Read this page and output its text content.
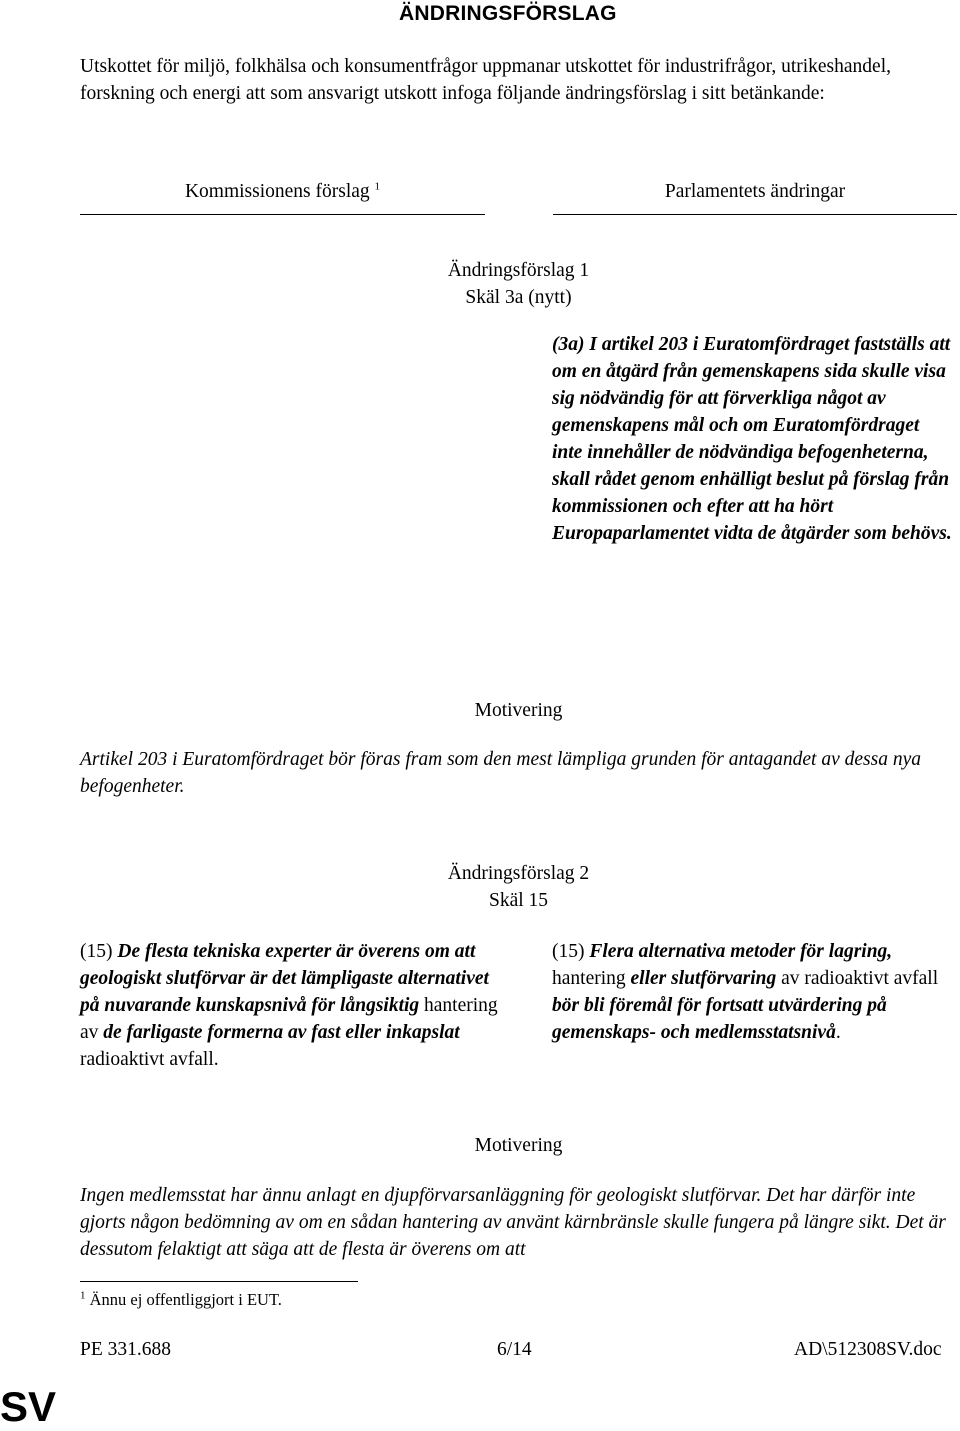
ÄNDRINGSFÖRSLAG

Utskottet för miljö, folkhälsa och konsumentfrågor uppmanar utskottet för industrifrågor, utrikeshandel, forskning och energi att som ansvarigt utskott infoga följande ändringsförslag i sitt betänkande:

Kommissionens förslag $^1$	Parlamentets ändringar
Ändringsförslag 1
Skäl 3a (nytt)

(3a) I artikel 203 i Euratomfördraget fastställs att om en åtgärd från gemenskapens sida skulle visa sig nödvändig för att förverkliga något av gemenskapens mål och om Euratomfördraget inte innehåller de nödvändiga befogenheterna, skall rådet genom enhälligt beslut på förslag från kommissionen och efter att ha hört Europaparlamentet vidta de åtgärder som behövs.

Motivering

Artikel 203 i Euratomfördraget bör föras fram som den mest lämpliga grunden för antagandet av dessa nya befogenheter.

Ändringsförslag 2
Skäl 15

(15) De flesta tekniska experter är överens om att geologiskt slutförvar är det lämpligaste alternativet på nuvarande kunskapsnivå för långsiktig hantering av de farligaste formerna av fast eller inkapslat radioaktivt avfall.

(15) Flera alternativa metoder för lagring, hantering eller slutförvaring av radioaktivt avfall bör bli föremål för fortsatt utvärdering på gemenskaps- och medlemsstatsnivå.

Motivering

Ingen medlemsstat har ännu anlagt en djupförvarsanläggning för geologiskt slutförvar. Det har därför inte gjorts någon bedömning av om en sådan hantering av använt kärnbränsle skulle fungera på längre sikt. Det är dessutom felaktigt att säga att de flesta är överens om att

$^1$ Ännu ej offentliggjort i EUT.
PE 331.688	6/14	AD\512308SV.doc
SV
